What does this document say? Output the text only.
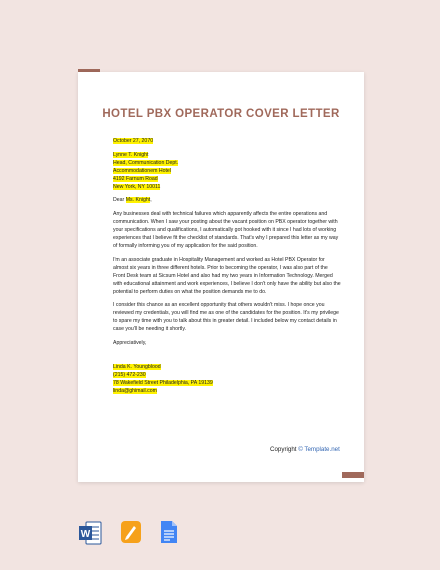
HOTEL PBX OPERATOR COVER LETTER
October 27, 2070
Lynne T. Knight
Head, Communication Dept.
Accommodationem Hotel
4192 Farnum Road
New York, NY 10011
Dear Ms. Knight,

Any businesses deal with technical failures which apparently affects the entire operations and communication. When I saw your posting about the vacant position on PBX operator together with your specifications and qualifications, I automatically got hooked with it since I had lots of working experiences that I believe fit the checklist of standards. That's why I prepared this letter as my way of formally informing you of my application for the said position.

I'm an associate graduate in Hospitality Management and worked as Hotel PBX Operator for almost six years in three different hotels. Prior to becoming the operator, I was also part of the Front Desk team at Sicsum Hotel and also had my two years in Information Technology. Merged with educational attainment and work experiences, I believe I don't only have the ability but also the potential to perform duties on what the position demands me to do.

I consider this chance as an excellent opportunity that others wouldn't miss. I hope once you reviewed my credentials, you will find me as one of the candidates for the position. It's my privilege to spare my time with you to talk about this in greater detail. I included below my contact details in case you'll be needing it shortly.

Appreciatively,
Linda K. Youngblood
(215) 472-230
78 Wakefield Street Philadelphia, PA 19139
linda@ghimail.com
Copyright © Template.net
W
